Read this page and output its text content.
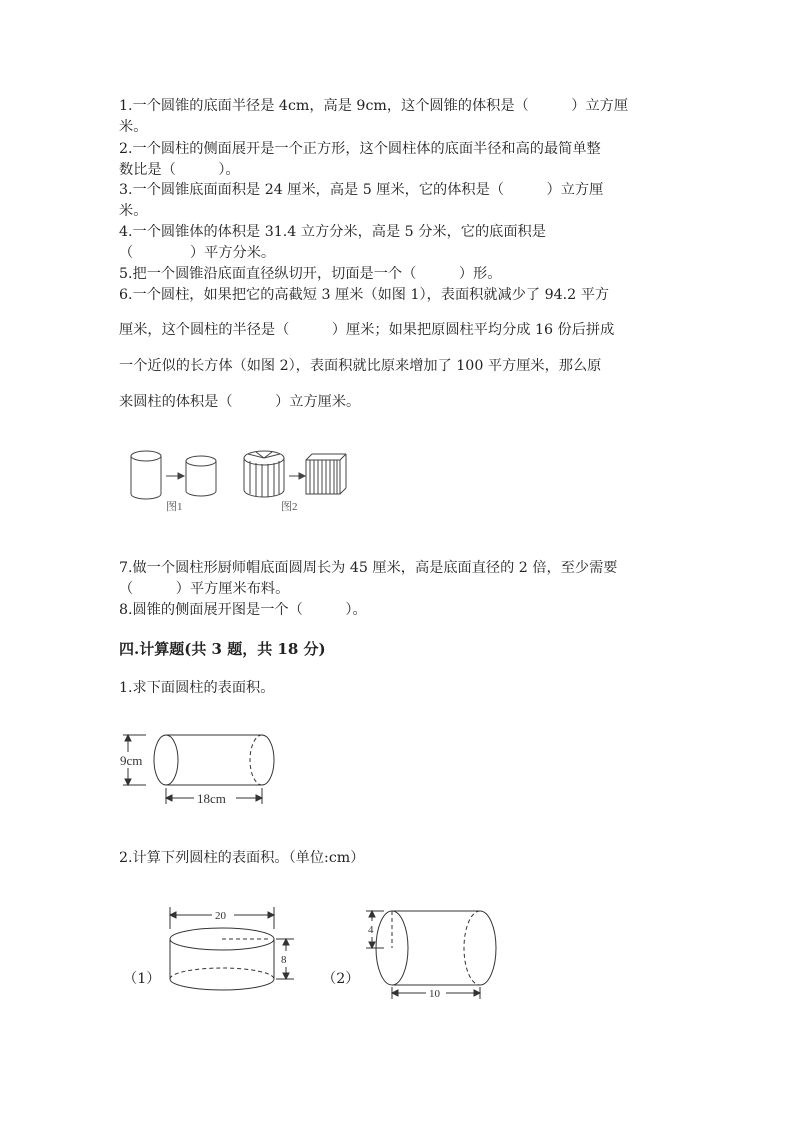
1.一个圆锥的底面半径是 4cm，高是 9cm，这个圆锥的体积是（　　　）立方厘
米。
2.一个圆柱的侧面展开是一个正方形，这个圆柱体的底面半径和高的最简单整
数比是（　　　）。
3.一个圆锥底面面积是 24 厘米，高是 5 厘米，它的体积是（　　　）立方厘
米。
4.一个圆锥体的体积是 31.4 立方分米，高是 5 分米，它的底面积是
（　　　　）平方分米。
5.把一个圆锥沿底面直径纵切开，切面是一个（　　　）形。
6.一个圆柱，如果把它的高截短 3 厘米（如图 1），表面积就减少了 94.2 平方
厘米，这个圆柱的半径是（　　　）厘米；如果把原圆柱平均分成 16 份后拼成
一个近似的长方体（如图 2），表面积就比原来增加了 100 平方厘米，那么原
来圆柱的体积是（　　　）立方厘米。
图1	图2
7.做一个圆柱形厨师帽底面圆周长为 45 厘米，高是底面直径的 2 倍，至少需要
（　　　）平方厘米布料。
8.圆锥的侧面展开图是一个（　　　）。
四.计算题(共 3 题，共 18 分)
1.求下面圆柱的表面积。
9cm
18cm
2.计算下列圆柱的表面积。（单位:cm）
（1）
20
8
（2）
4
10
